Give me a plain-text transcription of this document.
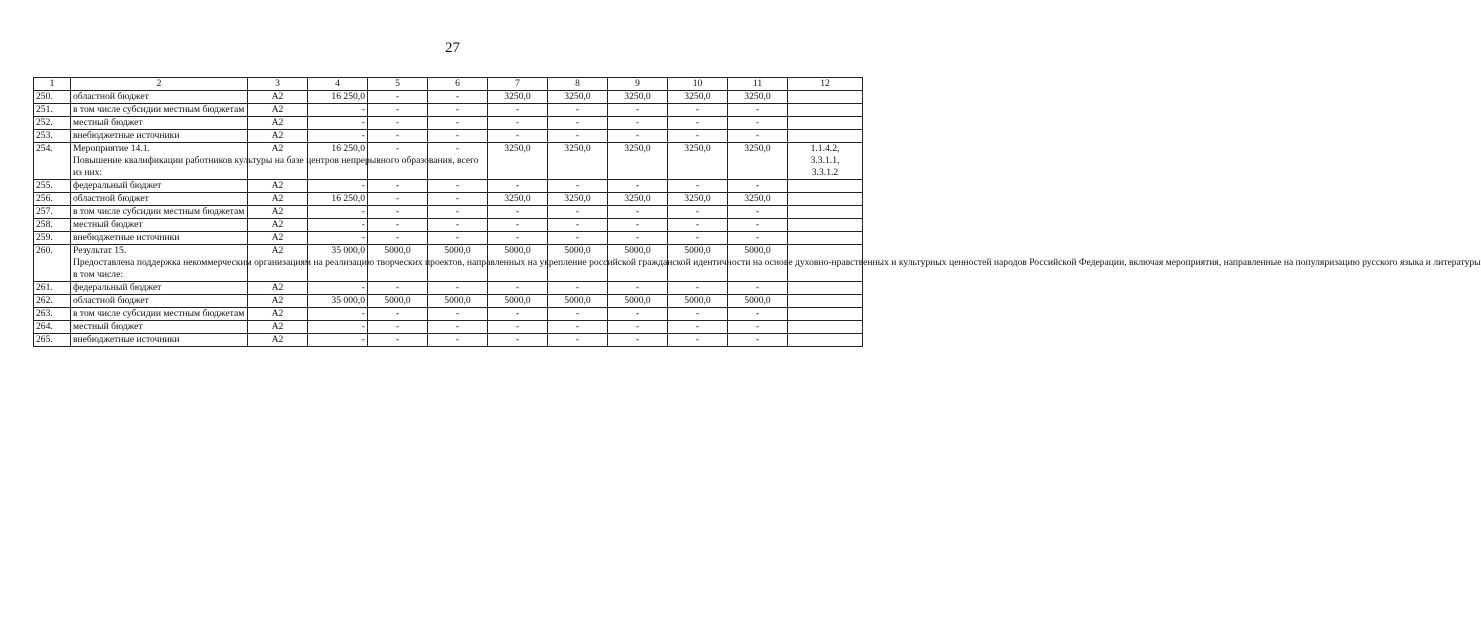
27
1	2	3	4	5	6	7	8	9	10	11	12
250.	областной бюджет	А2	16 250,0	-	-	3250,0	3250,0	3250,0	3250,0	3250,0	
251.	в том числе субсидии местным бюджетам	А2	-	-	-	-	-	-	-	-	
252.	местный бюджет	А2	-	-	-	-	-	-	-	-	
253.	внебюджетные источники	А2	-	-	-	-	-	-	-	-	
254.	Мероприятие 14.1.
Повышение квалификации работников культуры на базе центров непрерывного образования, всего
из них:	А2	16 250,0	-	-	3250,0	3250,0	3250,0	3250,0	3250,0	1.1.4.2,
3.3.1.1,
3.3.1.2
255.	федеральный бюджет	А2	-	-	-	-	-	-	-	-	
256.	областной бюджет	А2	16 250,0	-	-	3250,0	3250,0	3250,0	3250,0	3250,0	
257.	в том числе субсидии местным бюджетам	А2	-	-	-	-	-	-	-	-	
258.	местный бюджет	А2	-	-	-	-	-	-	-	-	
259.	внебюджетные источники	А2	-	-	-	-	-	-	-	-	
260.	Результат 15.
Предоставлена поддержка некоммерческим организациям на реализацию творческих проектов, направленных на укрепление российской гражданской идентичности на основе духовно-нравственных и культурных ценностей народов Российской Федерации, включая мероприятия, направленные на популяризацию русского языка и литературы
в том числе:	А2	35 000,0	5000,0	5000,0	5000,0	5000,0	5000,0	5000,0	5000,0	
261.	федеральный бюджет	А2	-	-	-	-	-	-	-	-	
262.	областной бюджет	А2	35 000,0	5000,0	5000,0	5000,0	5000,0	5000,0	5000,0	5000,0	
263.	в том числе субсидии местным бюджетам	А2	-	-	-	-	-	-	-	-	
264.	местный бюджет	А2	-	-	-	-	-	-	-	-	
265.	внебюджетные источники	А2	-	-	-	-	-	-	-	-	
